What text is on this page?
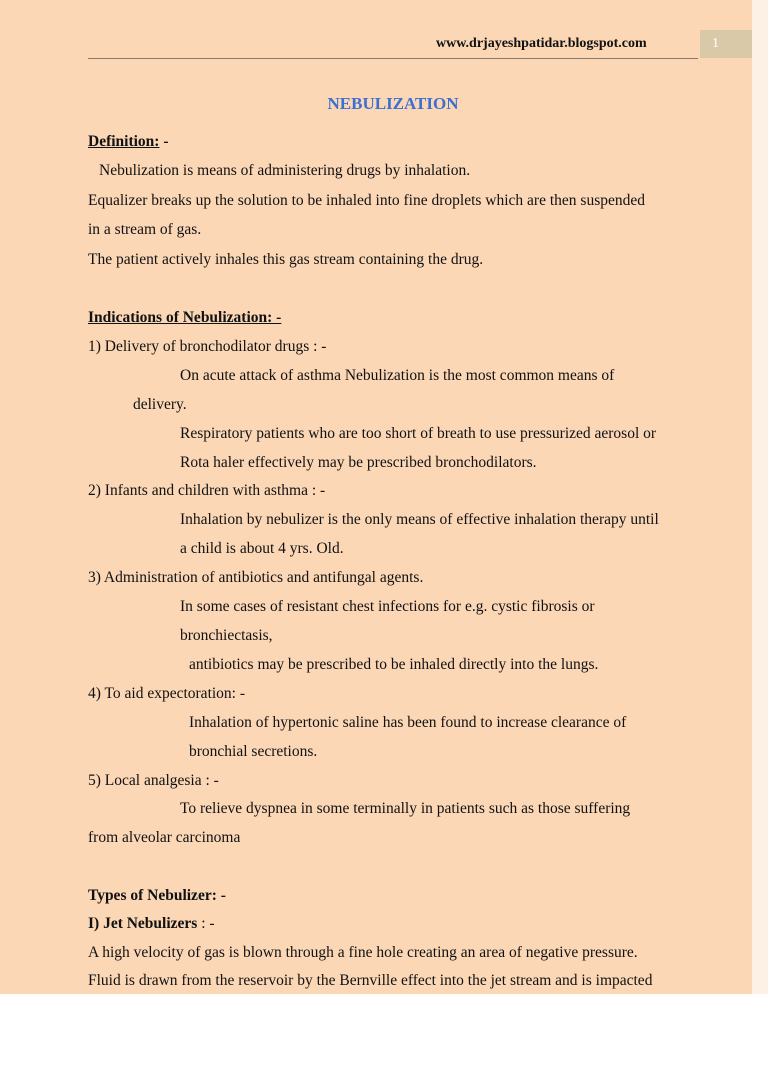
www.drjayeshpatidar.blogspot.com	1
NEBULIZATION
Definition: -
Nebulization is means of administering drugs by inhalation.
Equalizer breaks up the solution to be inhaled into fine droplets which are then suspended
in a stream of gas.
The patient actively inhales this gas stream containing the drug.
Indications of Nebulization: -
1) Delivery of bronchodilator drugs : -
On acute attack of asthma Nebulization is the most common means of
delivery.
Respiratory patients who are too short of breath to use pressurized aerosol or
Rota haler effectively may be prescribed bronchodilators.
2) Infants and children with asthma : -
Inhalation by nebulizer is the only means of effective inhalation therapy until
a child is about 4 yrs. Old.
3) Administration of antibiotics and antifungal agents.
In some cases of resistant chest infections for e.g. cystic fibrosis or
bronchiectasis,
antibiotics may be prescribed to be inhaled directly into the lungs.
4) To aid expectoration: -
Inhalation of hypertonic saline has been found to increase clearance of
bronchial secretions.
5) Local analgesia : -
To relieve dyspnea in some terminally in patients such as those suffering
from alveolar carcinoma
Types of Nebulizer: -
I) Jet Nebulizers : -
A high velocity of gas is blown through a fine hole creating an area of negative pressure.
Fluid is drawn from the reservoir by the Bernville effect into the jet stream and is impacted
